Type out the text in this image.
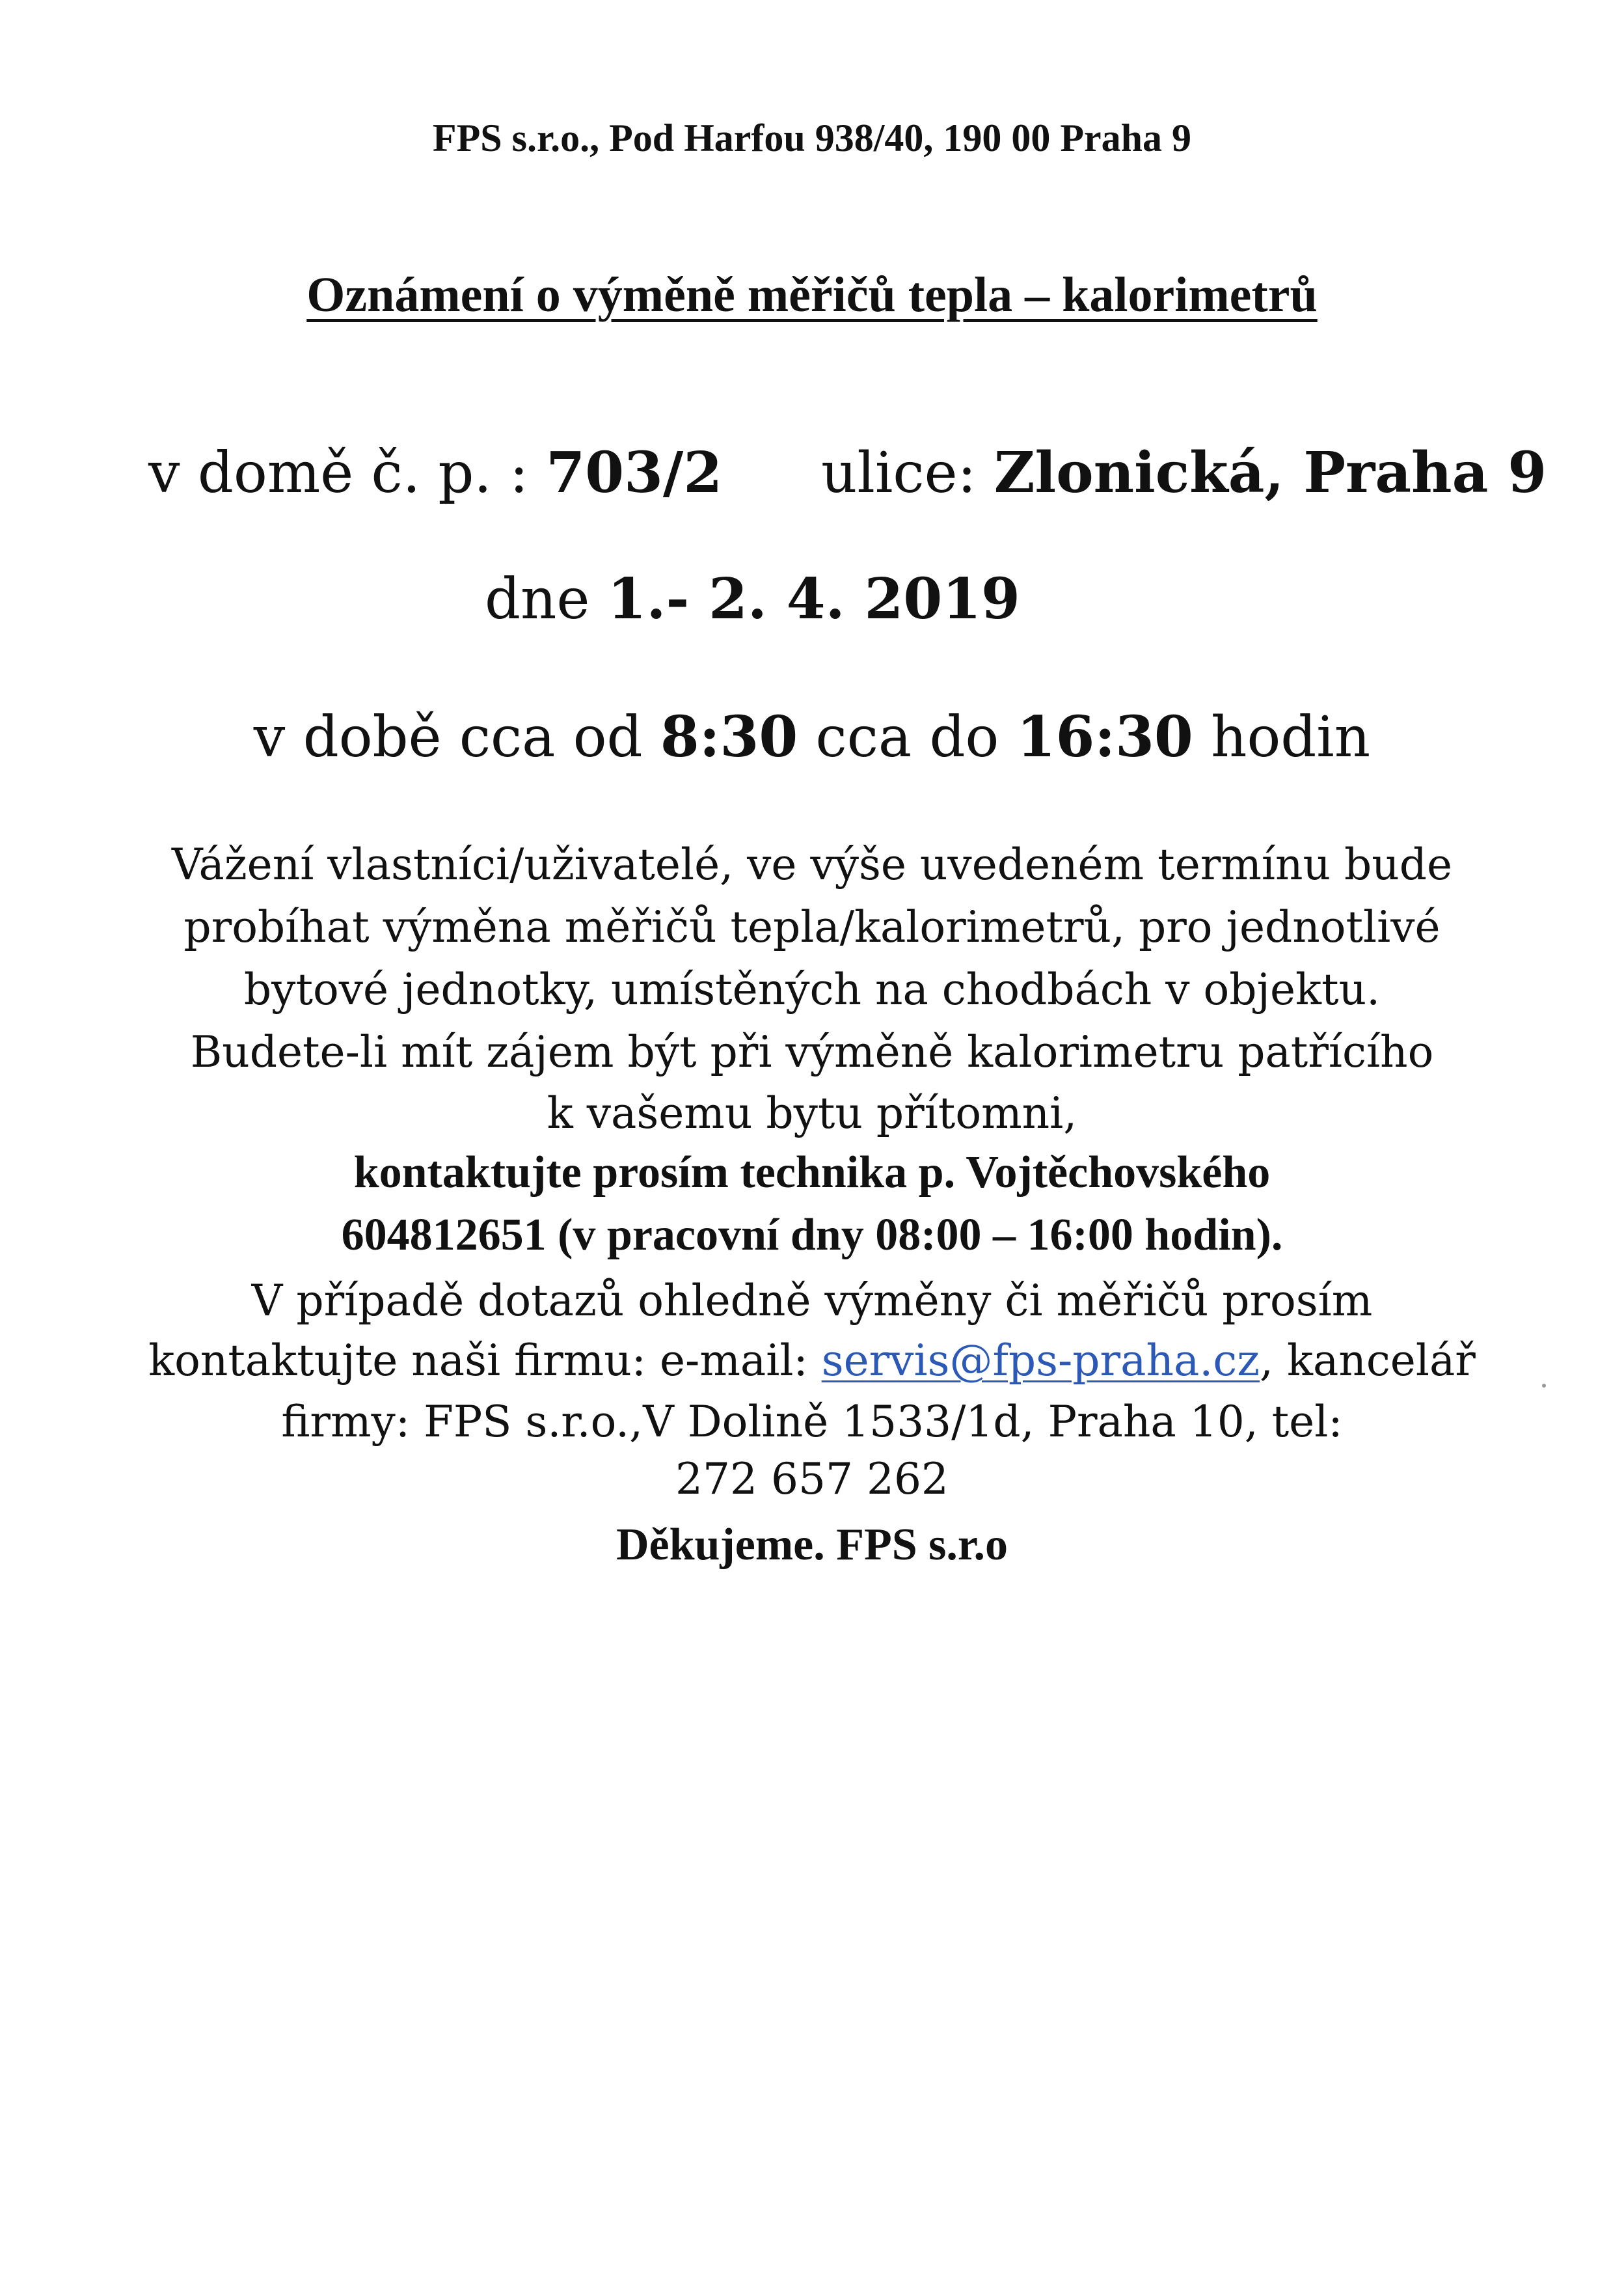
FPS s.r.o., Pod Harfou 938/40, 190 00 Praha 9
Oznámení o výměně měřičů tepla – kalorimetrů
v domě č. p. : 703/2 ulice: Zlonická, Praha 9
dne 1.- 2. 4. 2019
v době cca od 8:30 cca do 16:30 hodin
Vážení vlastníci/uživatelé, ve výše uvedeném termínu bude
probíhat výměna měřičů tepla/kalorimetrů, pro jednotlivé
bytové jednotky, umístěných na chodbách v objektu.
Budete-li mít zájem být při výměně kalorimetru patřícího
k vašemu bytu přítomni,
kontaktujte prosím technika p. Vojtěchovského
604812651 (v pracovní dny 08:00 – 16:00 hodin).
V případě dotazů ohledně výměny či měřičů prosím
kontaktujte naši firmu: e-mail: servis@fps-praha.cz, kancelář
firmy: FPS s.r.o.,V Dolině 1533/1d, Praha 10, tel:
272 657 262
Děkujeme. FPS s.r.o
